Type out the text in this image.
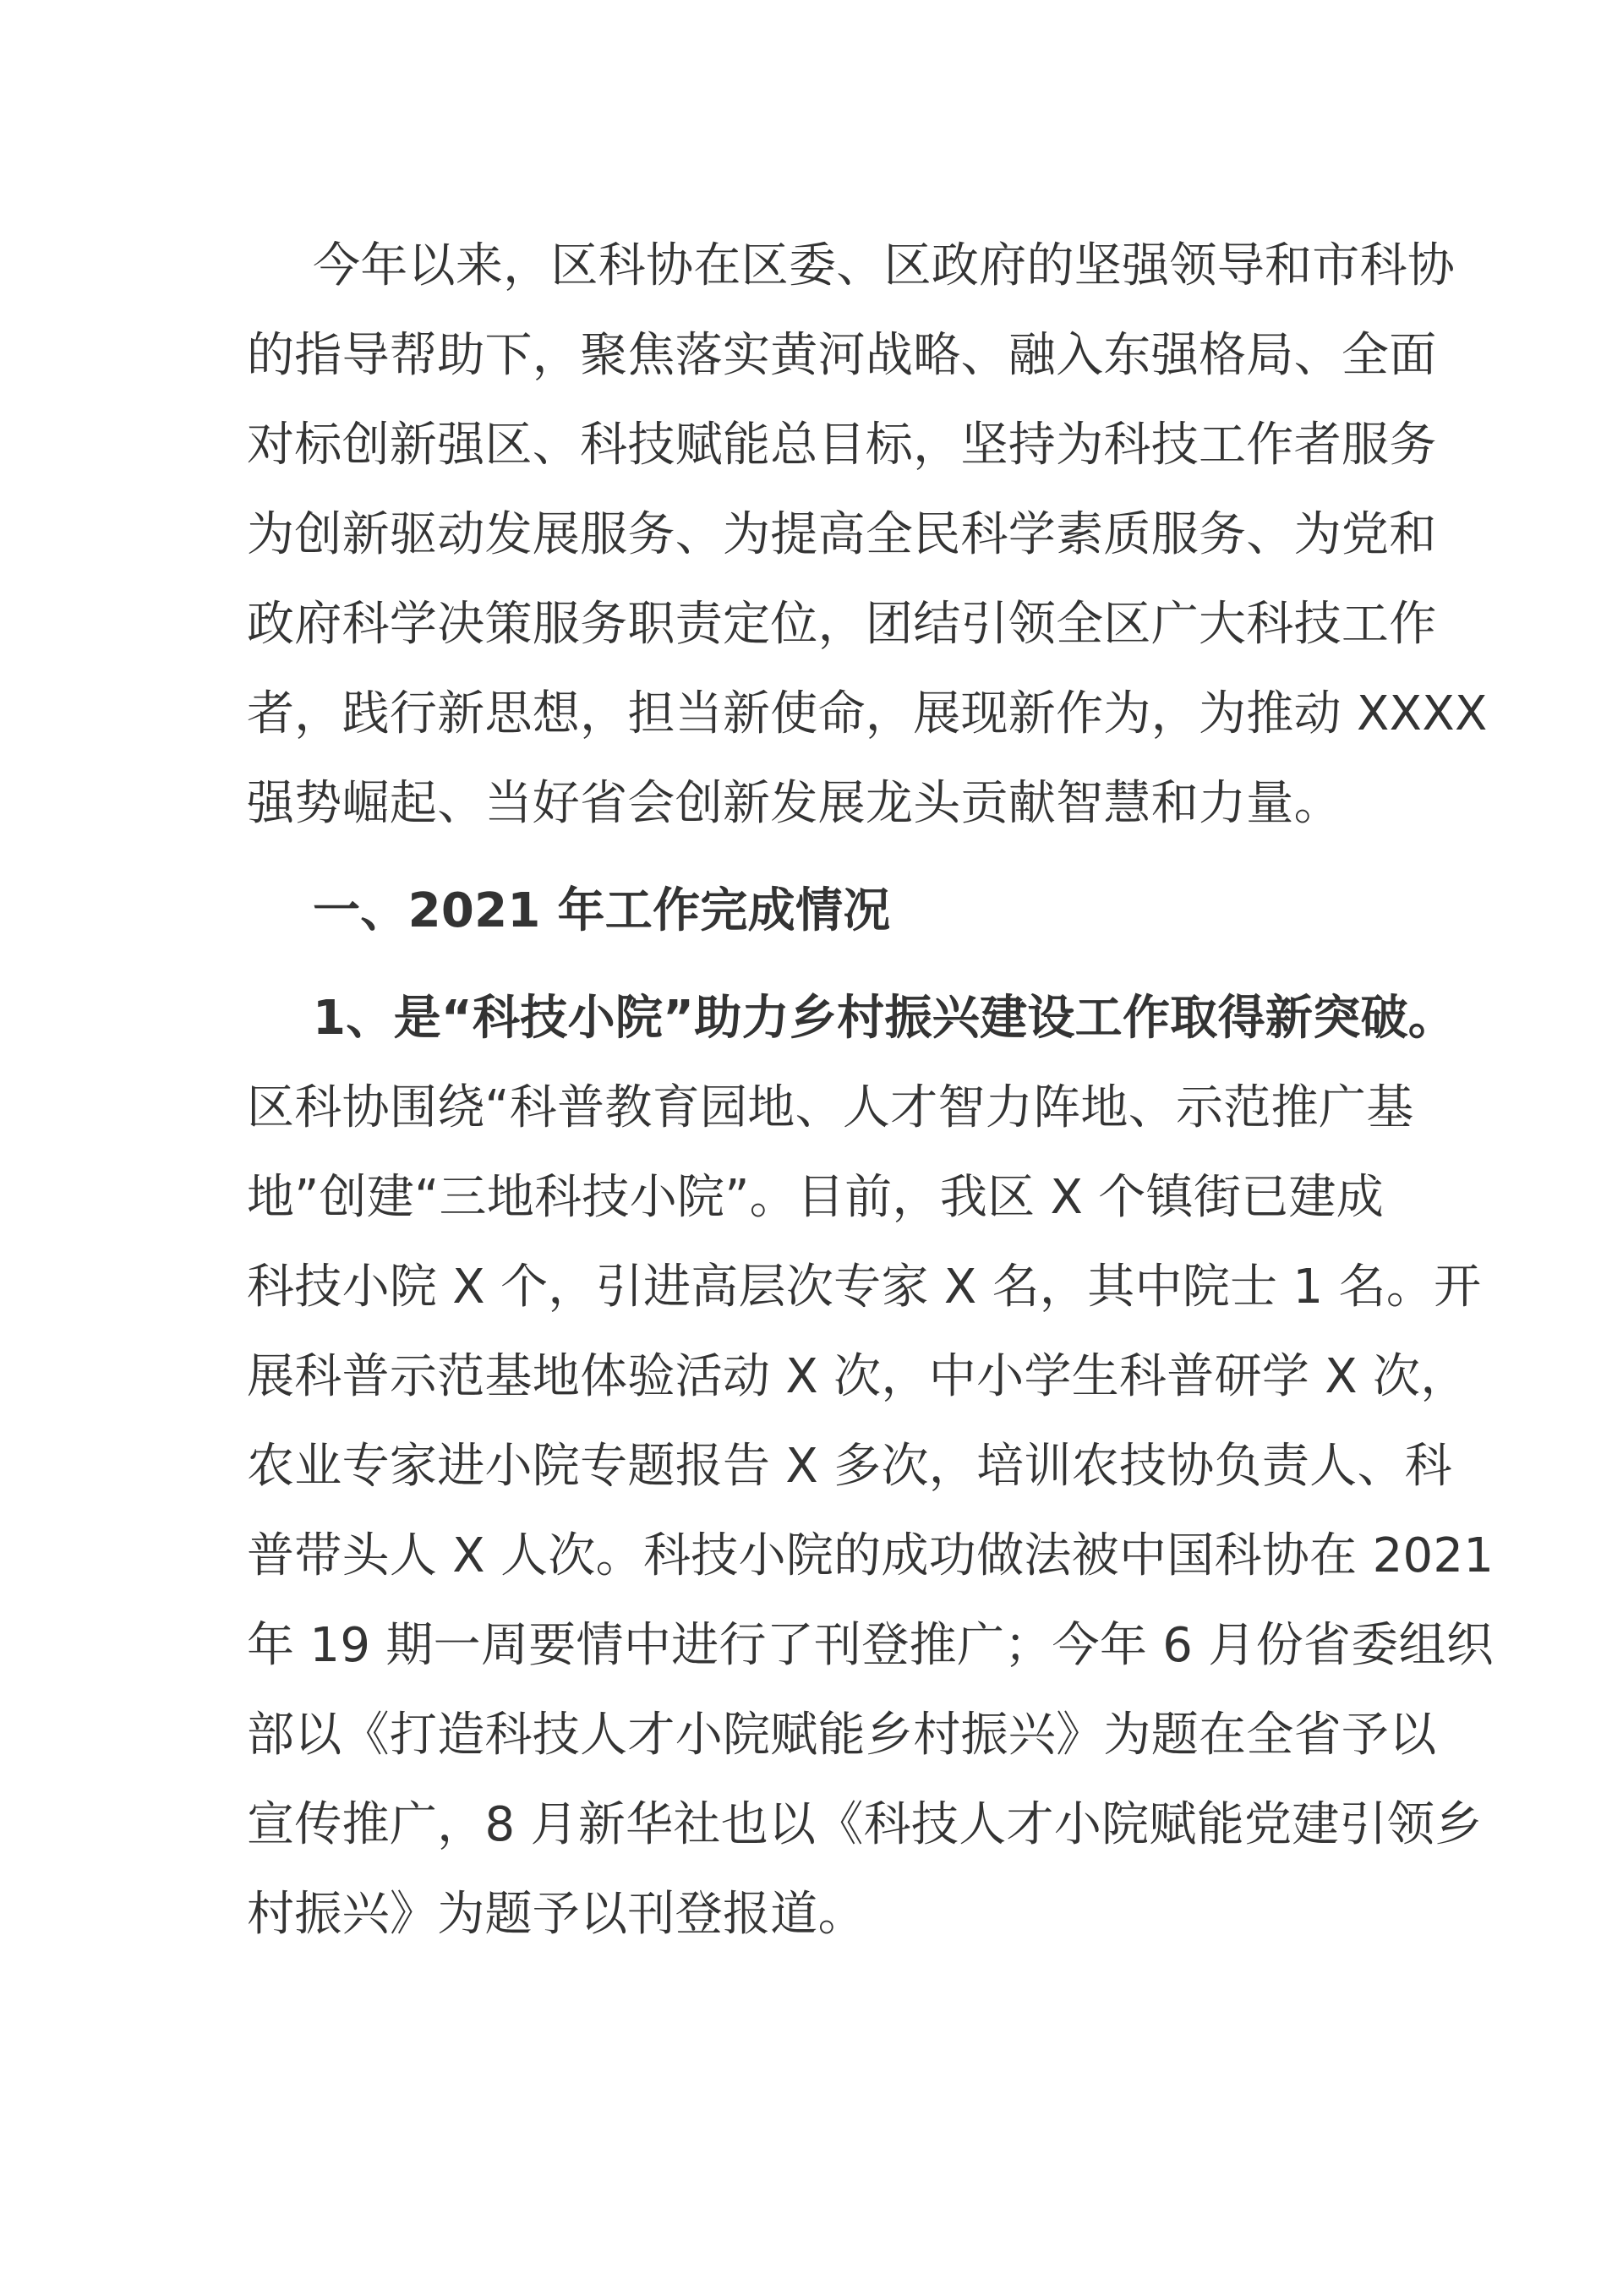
今年以来，区科协在区委、区政府的坚强领导和市科协
的指导帮助下，聚焦落实黄河战略、融入东强格局、全面
对标创新强区、科技赋能总目标，坚持为科技工作者服务
为创新驱动发展服务、为提高全民科学素质服务、为党和
政府科学决策服务职责定位，团结引领全区广大科技工作
者，践行新思想，担当新使命，展现新作为，为推动 XXXX
强势崛起、当好省会创新发展龙头贡献智慧和力量。
一、2021 年工作完成情况
1、是“科技小院”助力乡村振兴建设工作取得新突破。
区科协围绕“科普教育园地、人才智力阵地、示范推广基
地”创建“三地科技小院”。目前，我区 X 个镇街已建成
科技小院 X 个，引进高层次专家 X 名，其中院士 1 名。开
展科普示范基地体验活动 X 次，中小学生科普研学 X 次，
农业专家进小院专题报告 X 多次，培训农技协负责人、科
普带头人 X 人次。科技小院的成功做法被中国科协在 2021
年 19 期一周要情中进行了刊登推广；今年 6 月份省委组织
部以《打造科技人才小院赋能乡村振兴》为题在全省予以
宣传推广，8 月新华社也以《科技人才小院赋能党建引领乡
村振兴》为题予以刊登报道。
